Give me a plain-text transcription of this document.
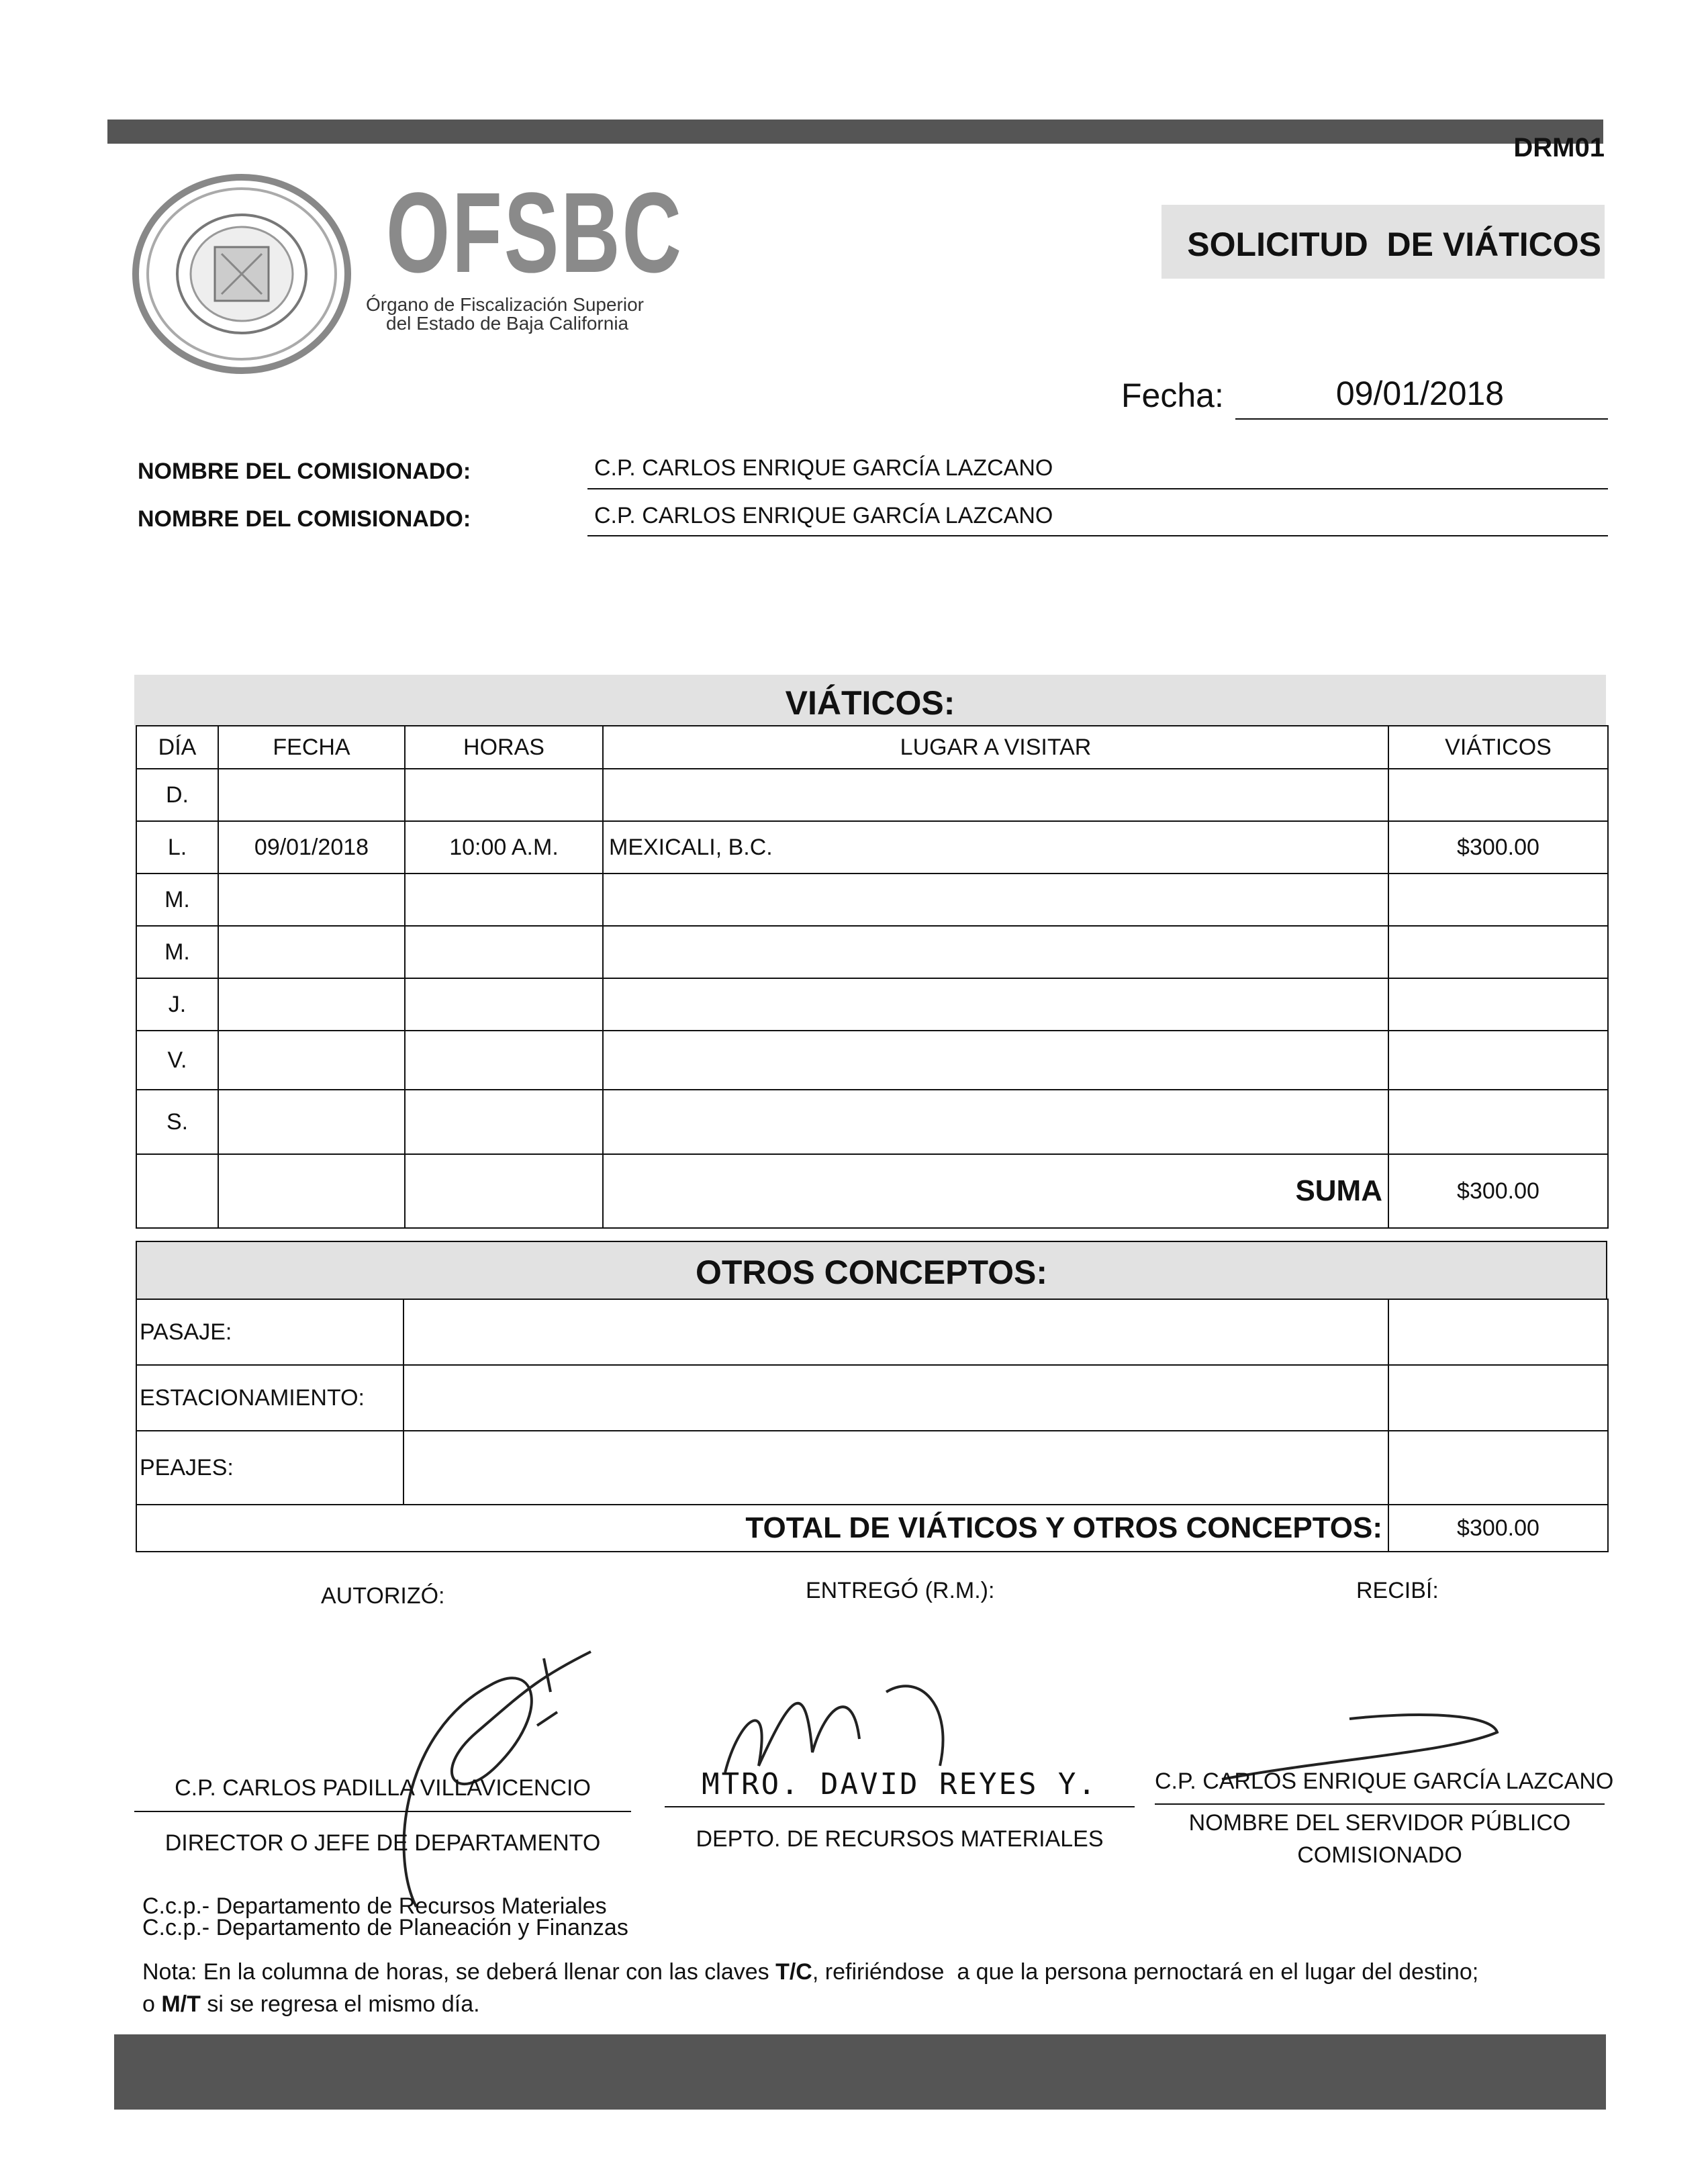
DRM01
OFSBC
Órgano de Fiscalización Superior
del Estado de Baja California
SOLICITUD  DE VIÁTICOS
Fecha:	09/01/2018
NOMBRE DEL COMISIONADO:	C.P. CARLOS ENRIQUE GARCÍA LAZCANO
NOMBRE DEL COMISIONADO:	C.P. CARLOS ENRIQUE GARCÍA LAZCANO
VIÁTICOS:
DÍA	FECHA	HORAS	LUGAR A VISITAR	VIÁTICOS
D.				
L.	09/01/2018	10:00 A.M.	MEXICALI, B.C.	$300.00
M.				
M.				
J.				
V.				
S.				
			SUMA	$300.00
OTROS CONCEPTOS:
PASAJE:		
ESTACIONAMIENTO:		
PEAJES:		
TOTAL DE VIÁTICOS Y OTROS CONCEPTOS:		$300.00
AUTORIZÓ:	ENTREGÓ (R.M.):	RECIBÍ:
C.P. CARLOS PADILLA VILLAVICENCIO
DIRECTOR O JEFE DE DEPARTAMENTO
MTRO. DAVID REYES Y.
DEPTO. DE RECURSOS MATERIALES
C.P. CARLOS ENRIQUE GARCÍA LAZCANO
NOMBRE DEL SERVIDOR PÚBLICO
COMISIONADO
C.c.p.- Departamento de Recursos Materiales
C.c.p.- Departamento de Planeación y Finanzas
Nota: En la columna de horas, se deberá llenar con las claves T/C, refiriéndose  a que la persona pernoctará en el lugar del destino;
o M/T si se regresa el mismo día.
